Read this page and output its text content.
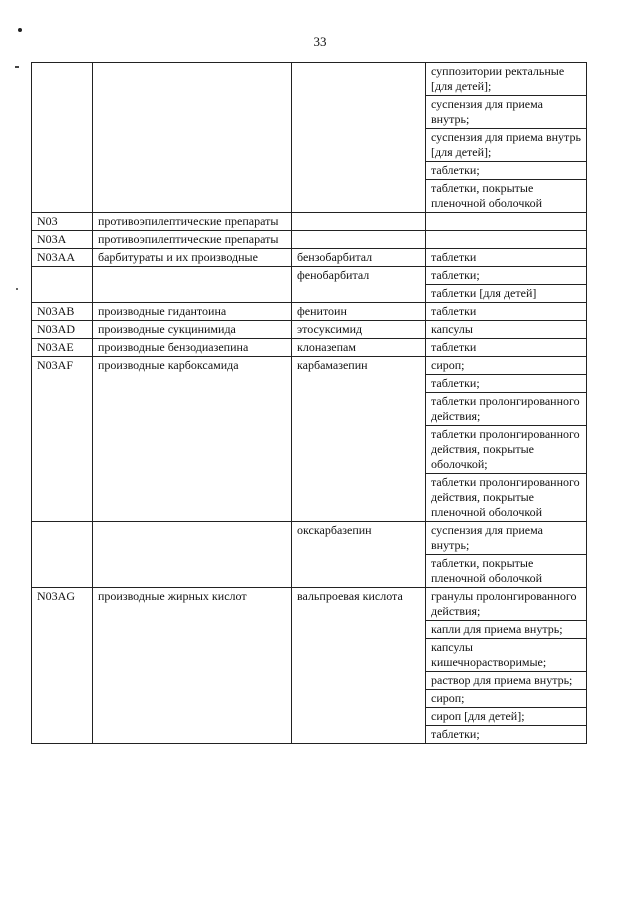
33
			суппозитории ректальные [для детей];
			суспензия для приема внутрь;
			суспензия для приема внутрь [для детей];
			таблетки;
			таблетки, покрытые пленочной оболочкой
N03	противоэпилептические препараты		
N03A	противоэпилептические препараты		
N03AA	барбитураты и их производные	бензобарбитал	таблетки
		фенобарбитал	таблетки;
			таблетки [для детей]
N03AB	производные гидантоина	фенитоин	таблетки
N03AD	производные сукцинимида	этосуксимид	капсулы
N03AE	производные бензодиазепина	клоназепам	таблетки
N03AF	производные карбоксамида	карбамазепин	сироп;
			таблетки;
			таблетки пролонгированного действия;
			таблетки пролонгированного действия, покрытые оболочкой;
			таблетки пролонгированного действия, покрытые пленочной оболочкой
		окскарбазепин	суспензия для приема внутрь;
			таблетки, покрытые пленочной оболочкой
N03AG	производные жирных кислот	вальпроевая кислота	гранулы пролонгированного действия;
			капли для приема внутрь;
			капсулы кишечнорастворимые;
			раствор для приема внутрь;
			сироп;
			сироп [для детей];
			таблетки;
